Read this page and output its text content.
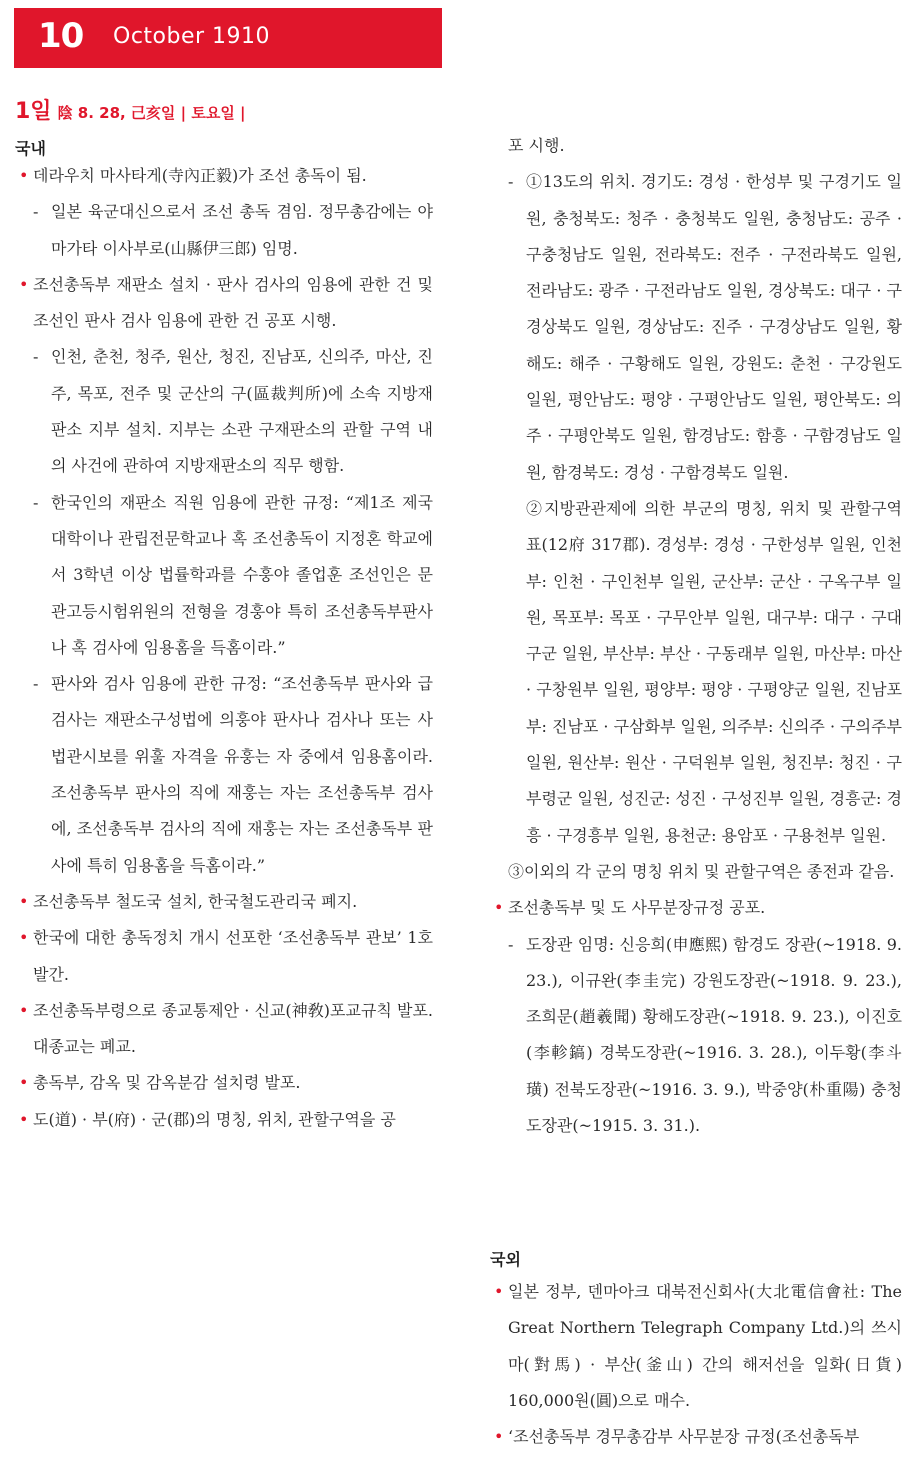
10 October 1910
1일 陰 8. 28, 己亥일 | 토요일 |
국내
• 데라우치 마사타게(寺內正毅)가 조선 총독이 됨.
- 일본 육군대신으로서 조선 총독 겸임. 정무총감에는 야마가타 이사부로(山縣伊三郎) 임명.
• 조선총독부 재판소 설치 · 판사 검사의 임용에 관한 건 및 조선인 판사 검사 임용에 관한 건 공포 시행.
- 인천, 춘천, 청주, 원산, 청진, 진남포, 신의주, 마산, 진주, 목포, 전주 및 군산의 구(區裁判所)에 소속 지방재판소 지부 설치. 지부는 소관 구재판소의 관할 구역 내의 사건에 관하여 지방재판소의 직무 행함.
- 한국인의 재판소 직원 임용에 관한 규정: “제1조 제국대학이나 관립전문학교나 혹 조선총독이 지정혼 학교에서 3학년 이상 법률학과를 수훙야 졸업훈 조선인은 문관고등시험위원의 전형을 경훙야 특히 조선총독부판사나 혹 검사에 임용홈을 득홈이라.”
- 판사와 검사 임용에 관한 규정: “조선총독부 판사와 급 검사는 재판소구성법에 의훙야 판사나 검사나 또는 사법관시보를 위훌 자격을 유훙는 자 중에셔 임용홈이라. 조선총독부 판사의 직에 재훙는 자는 조선총독부 검사에, 조선총독부 검사의 직에 재훙는 자는 조선총독부 판사에 특히 임용홈을 득홈이라.”
• 조선총독부 철도국 설치, 한국철도관리국 폐지.
• 한국에 대한 총독정치 개시 선포한 ‘조선총독부 관보’ 1호 발간.
• 조선총독부령으로 종교통제안 · 신교(神敎)포교규칙 발포. 대종교는 폐교.
• 총독부, 감옥 및 감옥분감 설치령 발포.
• 도(道) · 부(府) · 군(郡)의 명칭, 위치, 관할구역을 공
포 시행.
- ①13도의 위치. 경기도: 경성 · 한성부 및 구경기도 일원, 충청북도: 청주 · 충청북도 일원, 충청남도: 공주 · 구충청남도 일원, 전라북도: 전주 · 구전라북도 일원, 전라남도: 광주 · 구전라남도 일원, 경상북도: 대구 · 구경상북도 일원, 경상남도: 진주 · 구경상남도 일원, 황해도: 해주 · 구황해도 일원, 강원도: 춘천 · 구강원도 일원, 평안남도: 평양 · 구평안남도 일원, 평안북도: 의주 · 구평안북도 일원, 함경남도: 함흥 · 구함경남도 일원, 함경북도: 경성 · 구함경북도 일원.
②지방관관제에 의한 부군의 명칭, 위치 및 관할구역표(12府 317郡). 경성부: 경성 · 구한성부 일원, 인천부: 인천 · 구인천부 일원, 군산부: 군산 · 구옥구부 일원, 목포부: 목포 · 구무안부 일원, 대구부: 대구 · 구대구군 일원, 부산부: 부산 · 구동래부 일원, 마산부: 마산 · 구창원부 일원, 평양부: 평양 · 구평양군 일원, 진남포부: 진남포 · 구삼화부 일원, 의주부: 신의주 · 구의주부 일원, 원산부: 원산 · 구덕원부 일원, 청진부: 청진 · 구부령군 일원, 성진군: 성진 · 구성진부 일원, 경흥군: 경흥 · 구경흥부 일원, 용천군: 용암포 · 구용천부 일원.
③이외의 각 군의 명칭 위치 및 관할구역은 종전과 같음.
• 조선총독부 및 도 사무분장규정 공포.
- 도장관 임명: 신응희(申應熙) 함경도 장관(~1918. 9. 23.), 이규완(李圭完) 강원도장관(~1918. 9. 23.), 조희문(趙羲聞) 황해도장관(~1918. 9. 23.), 이진호(李軫鎬) 경북도장관(~1916. 3. 28.), 이두황(李斗璜) 전북도장관(~1916. 3. 9.), 박중양(朴重陽) 충청도장관(~1915. 3. 31.).
국외
• 일본 정부, 덴마아크 대북전신회사(大北電信會社: The Great Northern Telegraph Company Ltd.)의 쓰시마(對馬) · 부산(釜山) 간의 해저선을 일화(日貨) 160,000원(圓)으로 매수.
• ‘조선총독부 경무총감부 사무분장 규정(조선총독부
